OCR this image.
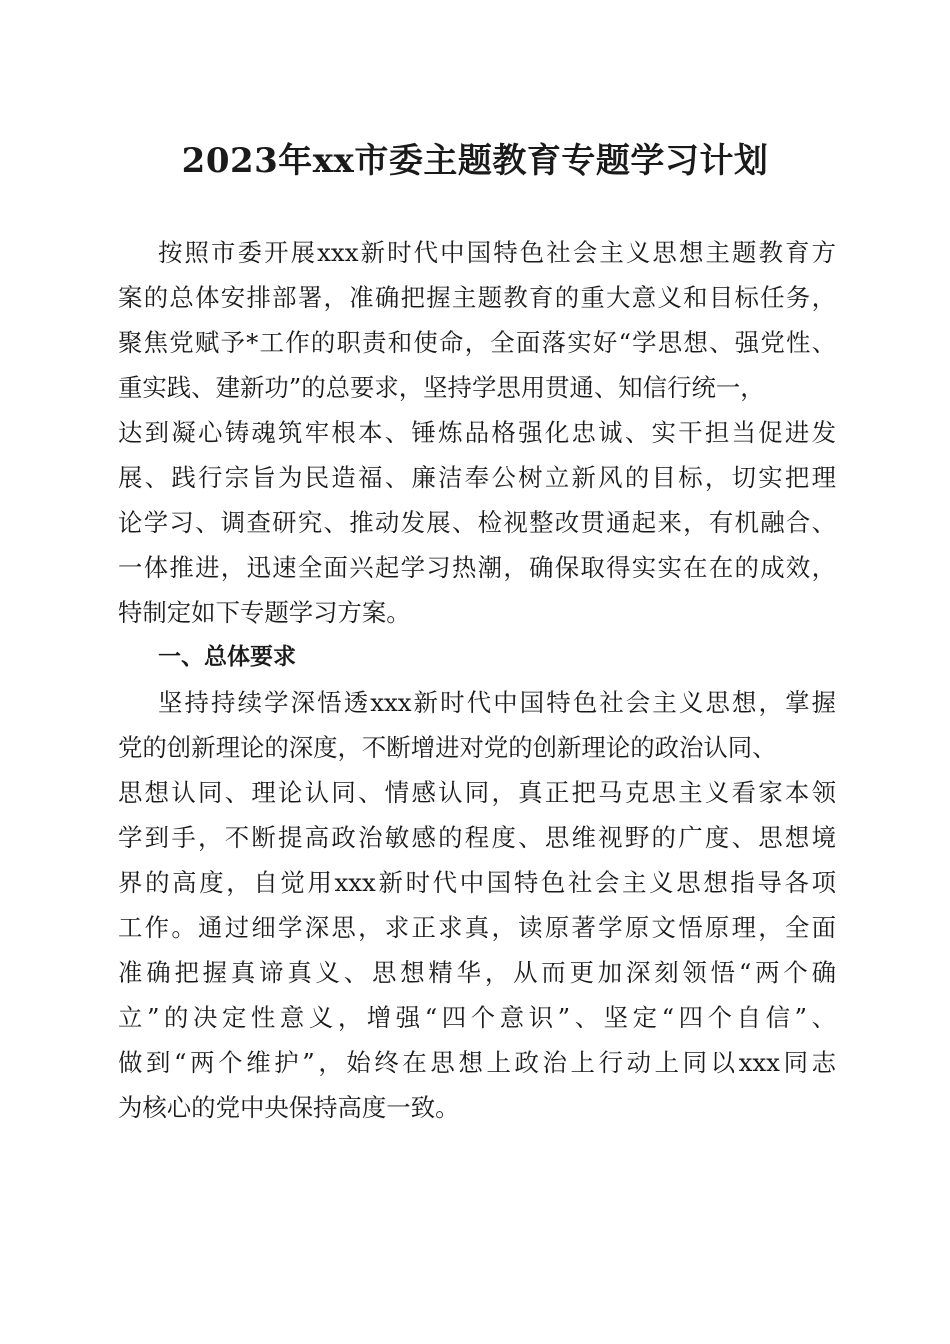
2023年xx市委主题教育专题学习计划
按照市委开展xxx新时代中国特色社会主义思想主题教育方
案的总体安排部署，准确把握主题教育的重大意义和目标任务，
聚焦党赋予*工作的职责和使命，全面落实好“学思想、强党性、
重实践、建新功”的总要求，坚持学思用贯通、知信行统一，
达到凝心铸魂筑牢根本、锤炼品格强化忠诚、实干担当促进发
展、践行宗旨为民造福、廉洁奉公树立新风的目标，切实把理
论学习、调查研究、推动发展、检视整改贯通起来，有机融合、
一体推进，迅速全面兴起学习热潮，确保取得实实在在的成效，
特制定如下专题学习方案。
一、总体要求
坚持持续学深悟透xxx新时代中国特色社会主义思想，掌握
党的创新理论的深度，不断增进对党的创新理论的政治认同、
思想认同、理论认同、情感认同，真正把马克思主义看家本领
学到手，不断提高政治敏感的程度、思维视野的广度、思想境
界的高度，自觉用xxx新时代中国特色社会主义思想指导各项
工作。通过细学深思，求正求真，读原著学原文悟原理，全面
准确把握真谛真义、思想精华，从而更加深刻领悟“两个确
立”的决定性意义，增强“四个意识”、坚定“四个自信”、
做到“两个维护”，始终在思想上政治上行动上同以xxx同志
为核心的党中央保持高度一致。
